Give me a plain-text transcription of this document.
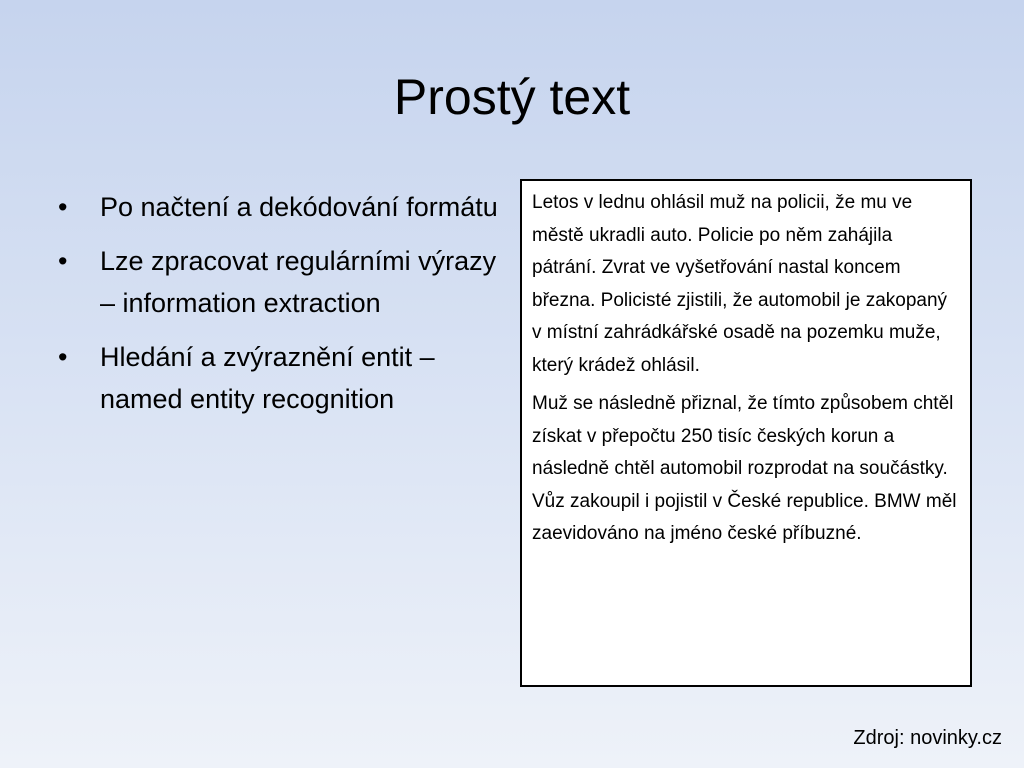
Prostý text
•	Po načtení a dekódování formátu
•	Lze zpracovat regulárními výrazy – information extraction
•	Hledání a zvýraznění entit – named entity recognition

Letos v lednu ohlásil muž na policii, že mu ve městě ukradli auto. Policie po něm zahájila pátrání. Zvrat ve vyšetřování nastal koncem března. Policisté zjistili, že automobil je zakopaný v místní zahrádkářské osadě na pozemku muže, který krádež ohlásil.

Muž se následně přiznal, že tímto způsobem chtěl získat v přepočtu 250 tisíc českých korun a následně chtěl automobil rozprodat na součástky. Vůz zakoupil i pojistil v České republice. BMW měl zaevidováno na jméno české příbuzné.

Zdroj: novinky.cz
